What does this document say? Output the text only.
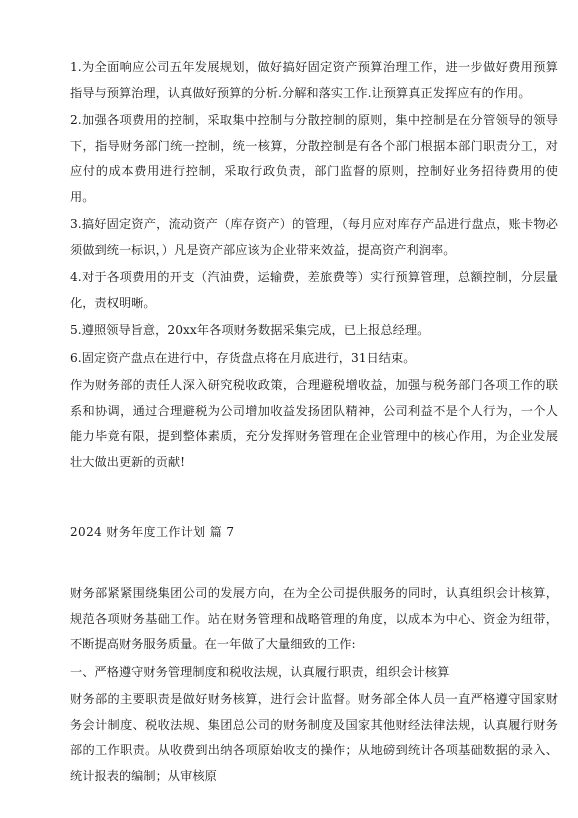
1.为全面响应公司五年发展规划，做好搞好固定资产预算治理工作，进一步做好费用预算指导与预算治理，认真做好预算的分析.分解和落实工作.让预算真正发挥应有的作用。

2.加强各项费用的控制，采取集中控制与分散控制的原则，集中控制是在分管领导的领导下，指导财务部门统一控制，统一核算，分散控制是有各个部门根据本部门职责分工，对应付的成本费用进行控制，采取行政负责，部门监督的原则，控制好业务招待费用的使用。

3.搞好固定资产，流动资产（库存资产）的管理，（每月应对库存产品进行盘点，账卡物必须做到统一标识，）凡是资产部应该为企业带来效益，提高资产利润率。

4.对于各项费用的开支（汽油费，运输费，差旅费等）实行预算管理，总额控制，分层量化，责权明晰。

5.遵照领导旨意，20xx年各项财务数据采集完成，已上报总经理。

6.固定资产盘点在进行中，存货盘点将在月底进行，31日结束。

作为财务部的责任人深入研究税收政策，合理避税增收益，加强与税务部门各项工作的联系和协调，通过合理避税为公司增加收益发扬团队精神，公司利益不是个人行为，一个人能力毕竟有限，提到整体素质，充分发挥财务管理在企业管理中的核心作用，为企业发展壮大做出更新的贡献!

2024 财务年度工作计划 篇 7

财务部紧紧围绕集团公司的发展方向，在为全公司提供服务的同时，认真组织会计核算，规范各项财务基础工作。站在财务管理和战略管理的角度，以成本为中心、资金为纽带，不断提高财务服务质量。在一年做了大量细致的工作:

一、严格遵守财务管理制度和税收法规，认真履行职责，组织会计核算

财务部的主要职责是做好财务核算，进行会计监督。财务部全体人员一直严格遵守国家财务会计制度、税收法规、集团总公司的财务制度及国家其他财经法律法规，认真履行财务部的工作职责。从收费到出纳各项原始收支的操作；从地磅到统计各项基础数据的录入、统计报表的编制；从审核原
